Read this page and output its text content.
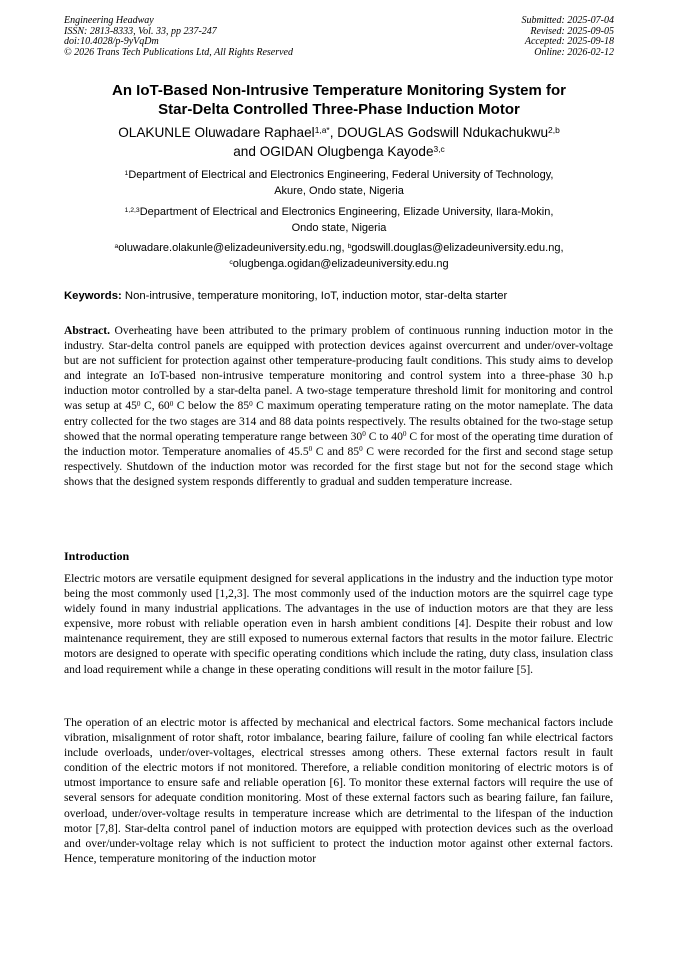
Engineering Headway
ISSN: 2813-8333, Vol. 33, pp 237-247
doi:10.4028/p-9yVqDm
© 2026 Trans Tech Publications Ltd, All Rights Reserved
Submitted: 2025-07-04
Revised: 2025-09-05
Accepted: 2025-09-18
Online: 2026-02-12
An IoT-Based Non-Intrusive Temperature Monitoring System for
Star-Delta Controlled Three-Phase Induction Motor
OLAKUNLE Oluwadare Raphael$^{1,a*}$, DOUGLAS Godswill Ndukachukwu$^{2,b}$
and OGIDAN Olugbenga Kayode$^{3,c}$
$^1$Department of Electrical and Electronics Engineering, Federal University of Technology,
Akure, Ondo state, Nigeria
$^{1,2,3}$Department of Electrical and Electronics Engineering, Elizade University, Ilara-Mokin,
Ondo state, Nigeria
$^a$oluwadare.olakunle@elizadeuniversity.edu.ng, $^b$godswill.douglas@elizadeuniversity.edu.ng,
$^c$olugbenga.ogidan@elizadeuniversity.edu.ng
Keywords: Non-intrusive, temperature monitoring, IoT, induction motor, star-delta starter

Abstract. Overheating have been attributed to the primary problem of continuous running induction motor in the industry. Star-delta control panels are equipped with protection devices against overcurrent and under/over-voltage but are not sufficient for protection against other temperature-producing fault conditions. This study aims to develop and integrate an IoT-based non-intrusive temperature monitoring and control system into a three-phase 30 h.p induction motor controlled by a star-delta panel. A two-stage temperature threshold limit for monitoring and control was setup at $45^0$ C, $60^0$ C below the $85^0$ C maximum operating temperature rating on the motor nameplate. The data entry collected for the two stages are 314 and 88 data points respectively. The results obtained for the two-stage setup showed that the normal operating temperature range between $30^0$ C to $40^0$ C for most of the operating time duration of the induction motor. Temperature anomalies of 45.5$^0$ C and $85^0$ C were recorded for the first and second stage setup respectively. Shutdown of the induction motor was recorded for the first stage but not for the second stage which shows that the designed system responds differently to gradual and sudden temperature increase.

Introduction

Electric motors are versatile equipment designed for several applications in the industry and the induction type motor being the most commonly used [1,2,3]. The most commonly used of the induction motors are the squirrel cage type widely found in many industrial applications. The advantages in the use of induction motors are that they are less expensive, more robust with reliable operation even in harsh ambient conditions [4]. Despite their robust and low maintenance requirement, they are still exposed to numerous external factors that results in the motor failure. Electric motors are designed to operate with specific operating conditions which include the rating, duty class, insulation class and load requirement while a change in these operating conditions will result in the motor failure [5].

The operation of an electric motor is affected by mechanical and electrical factors. Some mechanical factors include vibration, misalignment of rotor shaft, rotor imbalance, bearing failure, failure of cooling fan while electrical factors include overloads, under/over-voltages, electrical stresses among others. These external factors result in fault condition of the electric motors if not monitored. Therefore, a reliable condition monitoring of electric motors is of utmost importance to ensure safe and reliable operation [6]. To monitor these external factors will require the use of several sensors for adequate condition monitoring. Most of these external factors such as bearing failure, fan failure, overload, under/over-voltage results in temperature increase which are detrimental to the lifespan of the induction motor [7,8]. Star-delta control panel of induction motors are equipped with protection devices such as the overload and over/under-voltage relay which is not sufficient to protect the induction motor against other external factors. Hence, temperature monitoring of the induction motor
